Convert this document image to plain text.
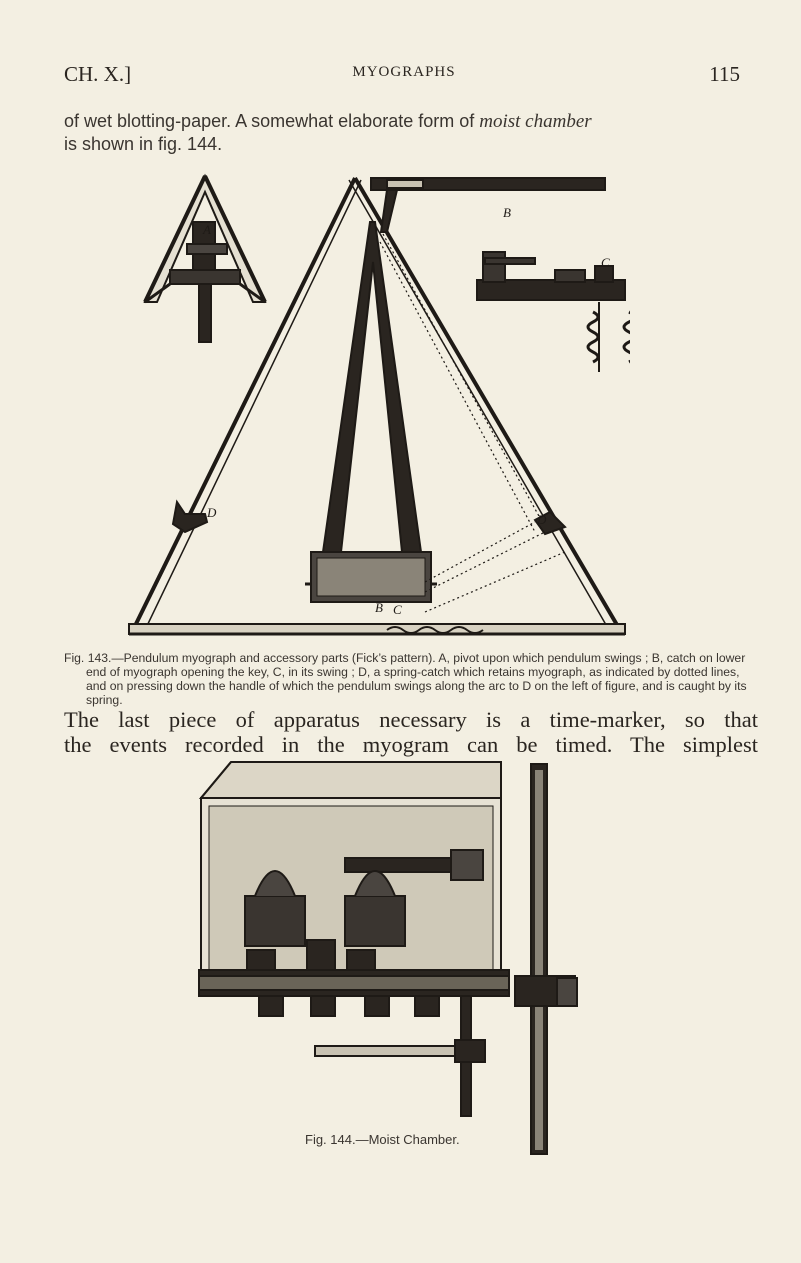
CH. X.]	MYOGRAPHS	115
of wet blotting-paper. A somewhat elaborate form of moist chamber
is shown in fig. 144.
A
B
C
D	D
B C
Fig. 143.—Pendulum myograph and accessory parts (Fick’s pattern). A, pivot upon which pendulum swings ; B, catch on lower end of myograph opening the key, C, in its swing ; D, a spring-catch which retains myograph, as indicated by dotted lines, and on pressing down the handle of which the pendulum swings along the arc to D on the left of figure, and is caught by its spring.
The last piece of apparatus necessary is a time-marker, so that
the events recorded in the myogram can be timed. The simplest
Fig. 144.—Moist Chamber.
